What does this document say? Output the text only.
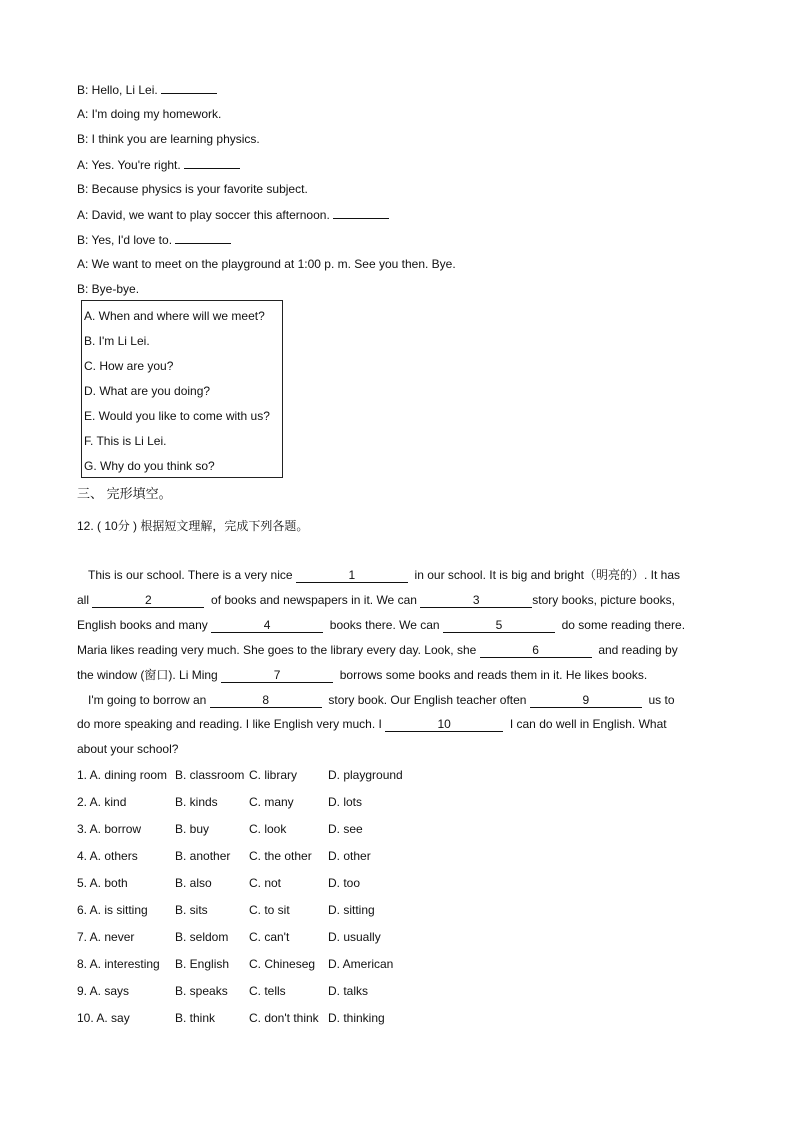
B: Hello, Li Lei.
A: I'm doing my homework.
B: I think you are learning physics.
A: Yes. You're right.
B: Because physics is your favorite subject.
A: David, we want to play soccer this afternoon.
B: Yes, I'd love to.
A: We want to meet on the playground at 1:00 p. m. See you then. Bye.
B: Bye-bye.
A. When and where will we meet?
B. I'm Li Lei.
C. How are you?
D. What are you doing?
E. Would you like to come with us?
F. This is Li Lei.
G. Why do you think so?
三、 完形填空。
12. ( 10分 ) 根据短文理解，完成下列各题。
This is our school. There is a very nice	1	in our school. It is big and bright（明亮的）. It has
all	2	of books and newspapers in it. We can	3	story books, picture books,
English books and many	4	books there. We can	5	do some reading there.
Maria likes reading very much. She goes to the library every day. Look, she	6	and reading by
the window (窗口). Li Ming	7	borrows some books and reads them in it. He likes books.
I'm going to borrow an	8	story book. Our English teacher often	9	us to
do more speaking and reading. I like English very much. I	10	I can do well in English. What
about your school?
1. A. dining room B. classroom C. library	D. playground
2. A. kind	B. kinds	C. many	D. lots
3. A. borrow	B. buy	C. look	D. see
4. A. others	B. another C. the other D. other
5. A. both	B. also	C. not	D. too
6. A. is sitting B. sits	C. to sit	D. sitting
7. A. never	B. seldom C. can't	D. usually
8. A. interesting B. English C. Chineseg D. American
9. A. says	B. speaks C. tells	D. talks
10. A. say	B. think	C. don't think D. thinking
